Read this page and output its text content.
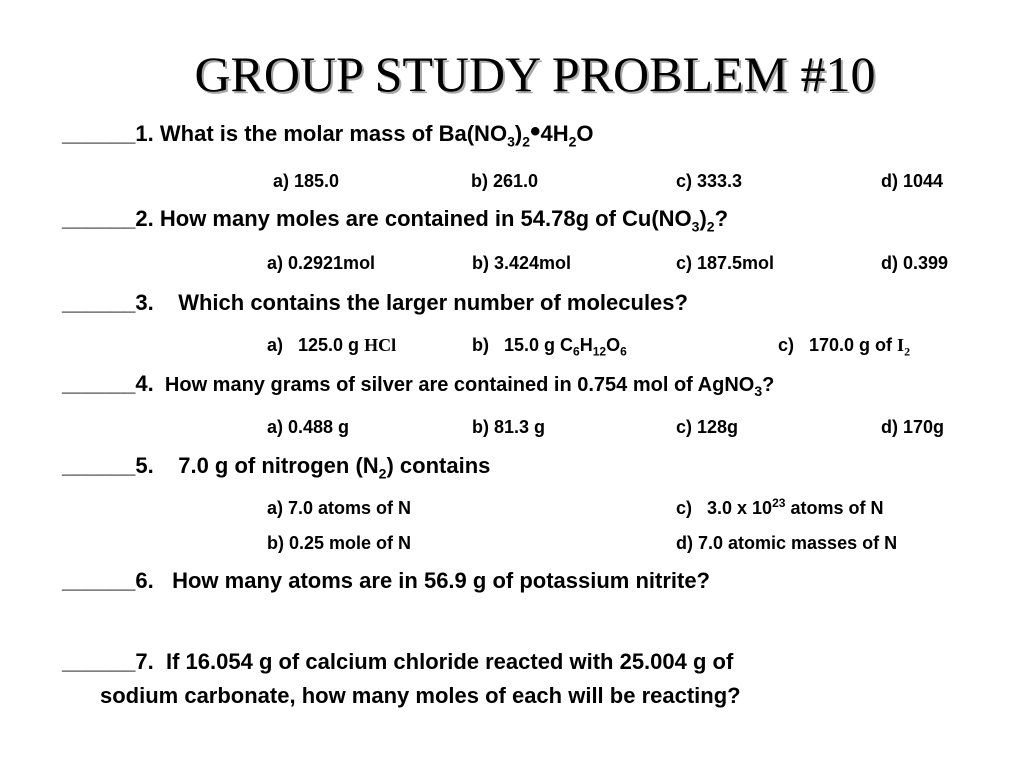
GROUP STUDY PROBLEM #10
______1. What is the molar mass of $Ba(NO_3)_2•4H_2O$
a) 185.0	b) 261.0	c) 333.3	d) 1044
______2. How many moles are contained in 54.78g of $Cu(NO_3)_2$?
a) 0.2921mol	b) 3.424mol	c) 187.5mol	d) 0.399
______3.    Which contains the larger number of molecules?
a)   125.0 g HCl	b)   15.0 g $C_6H_{12}O_6$	c)   170.0 g of $I_2$
______4. How many grams of silver are contained in 0.754 mol of AgNO$_3$?
a) 0.488 g	b) 81.3 g	c) 128g	d) 170g
______5.    7.0 g of nitrogen $(N_2)$ contains
a) 7.0 atoms of N	c)   3.0 x $10^{23}$ atoms of N
b) 0.25 mole of N	d) 7.0 atomic masses of N
______6.   How many atoms are in 56.9 g of potassium nitrite?
______7.  If 16.054 g of calcium chloride reacted with 25.004 g of
sodium carbonate, how many moles of each will be reacting?
